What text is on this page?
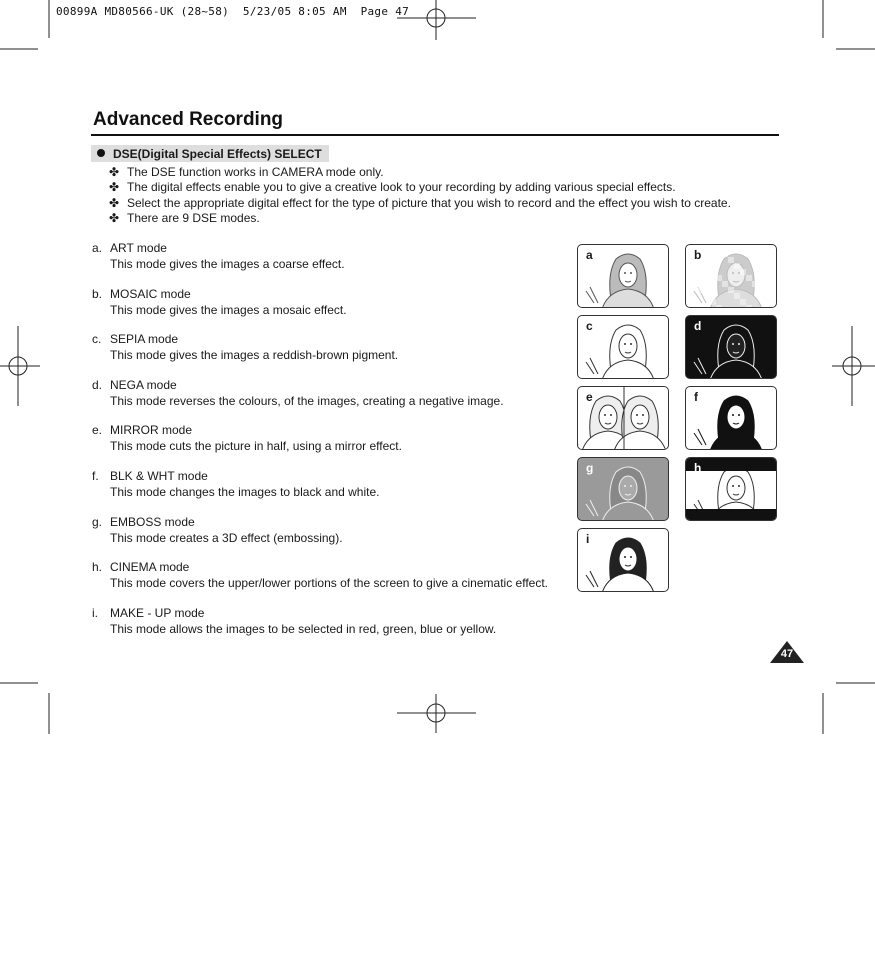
00899A MD80566-UK (28~58)  5/23/05 8:05 AM  Page 47
Advanced Recording
DSE(Digital Special Effects) SELECT
✤ The DSE function works in CAMERA mode only.
✤ The digital effects enable you to give a creative look to your recording by adding various special effects.
✤ Select the appropriate digital effect for the type of picture that you wish to record and the effect you wish to create.
✤ There are 9 DSE modes.
a. ART mode
This mode gives the images a coarse effect.
b. MOSAIC mode
This mode gives the images a mosaic effect.
c. SEPIA mode
This mode gives the images a reddish-brown pigment.
d. NEGA mode
This mode reverses the colours, of the images, creating a negative image.
e. MIRROR mode
This mode cuts the picture in half, using a mirror effect.
f. BLK & WHT mode
This mode changes the images to black and white.
g. EMBOSS mode
This mode creates a 3D effect (embossing).
h. CINEMA mode
This mode covers the upper/lower portions of the screen to give a cinematic effect.
i. MAKE - UP mode
This mode allows the images to be selected in red, green, blue or yellow.
a	b
c	d
e	f
g	h
i
47
